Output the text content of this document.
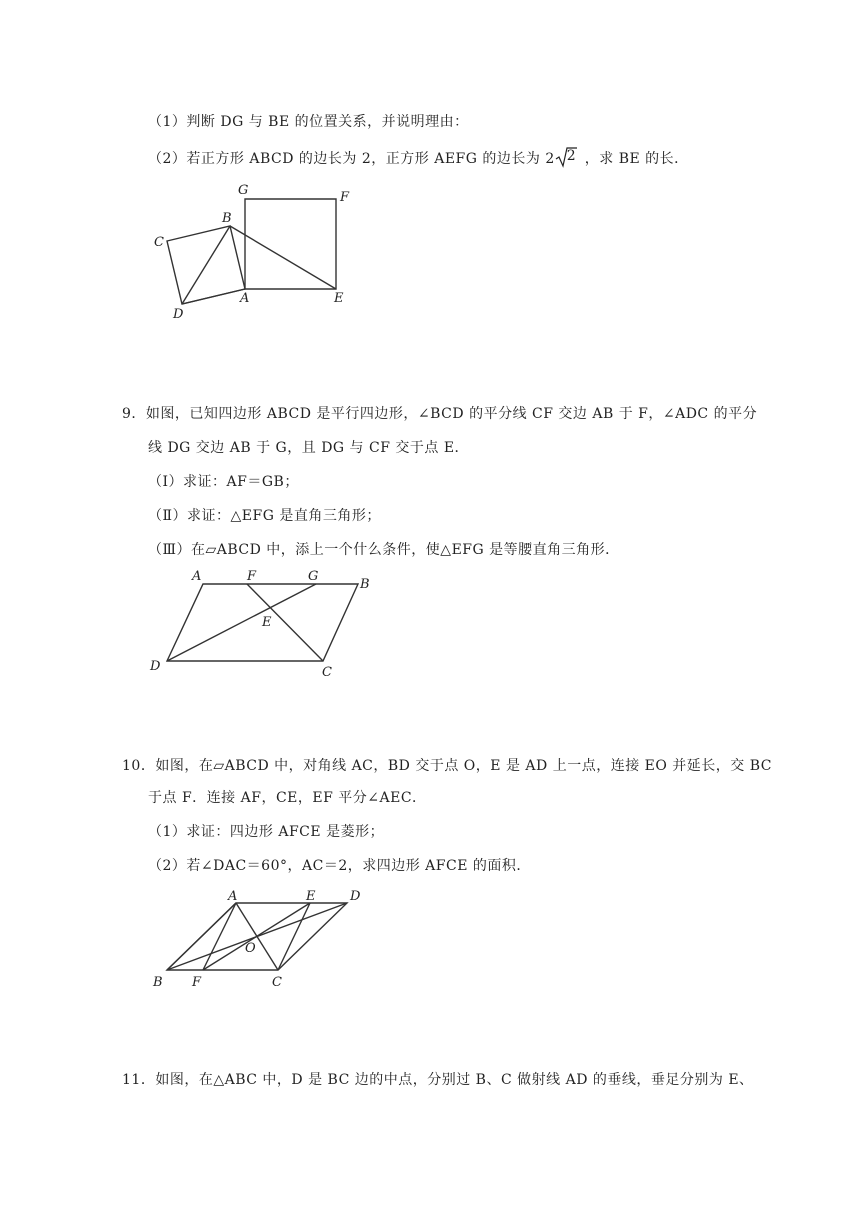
（1）判断 DG 与 BE 的位置关系，并说明理由：
（2）若正方形 ABCD 的边长为 2，正方形 AEFG 的边长为 2 2 ，求 BE 的长．
G	F
B
C
A	E
D
9．如图，已知四边形 ABCD 是平行四边形，∠BCD 的平分线 CF 交边 AB 于 F，∠ADC 的平分
线 DG 交边 AB 于 G，且 DG 与 CF 交于点 E．
（Ⅰ）求证：AF＝GB；
（Ⅱ）求证：△EFG 是直角三角形；
（Ⅲ）在▱ABCD 中，添上一个什么条件，使△EFG 是等腰直角三角形．
A	F	G
B
E
D	C
10．如图，在▱ABCD 中，对角线 AC，BD 交于点 O，E 是 AD 上一点，连接 EO 并延长，交 BC
于点 F．连接 AF，CE，EF 平分∠AEC．
（1）求证：四边形 AFCE 是菱形；
（2）若∠DAC＝60°，AC＝2，求四边形 AFCE 的面积．
A	E	D
O
B F	C
11．如图，在△ABC 中，D 是 BC 边的中点，分别过 B、C 做射线 AD 的垂线，垂足分别为 E、
